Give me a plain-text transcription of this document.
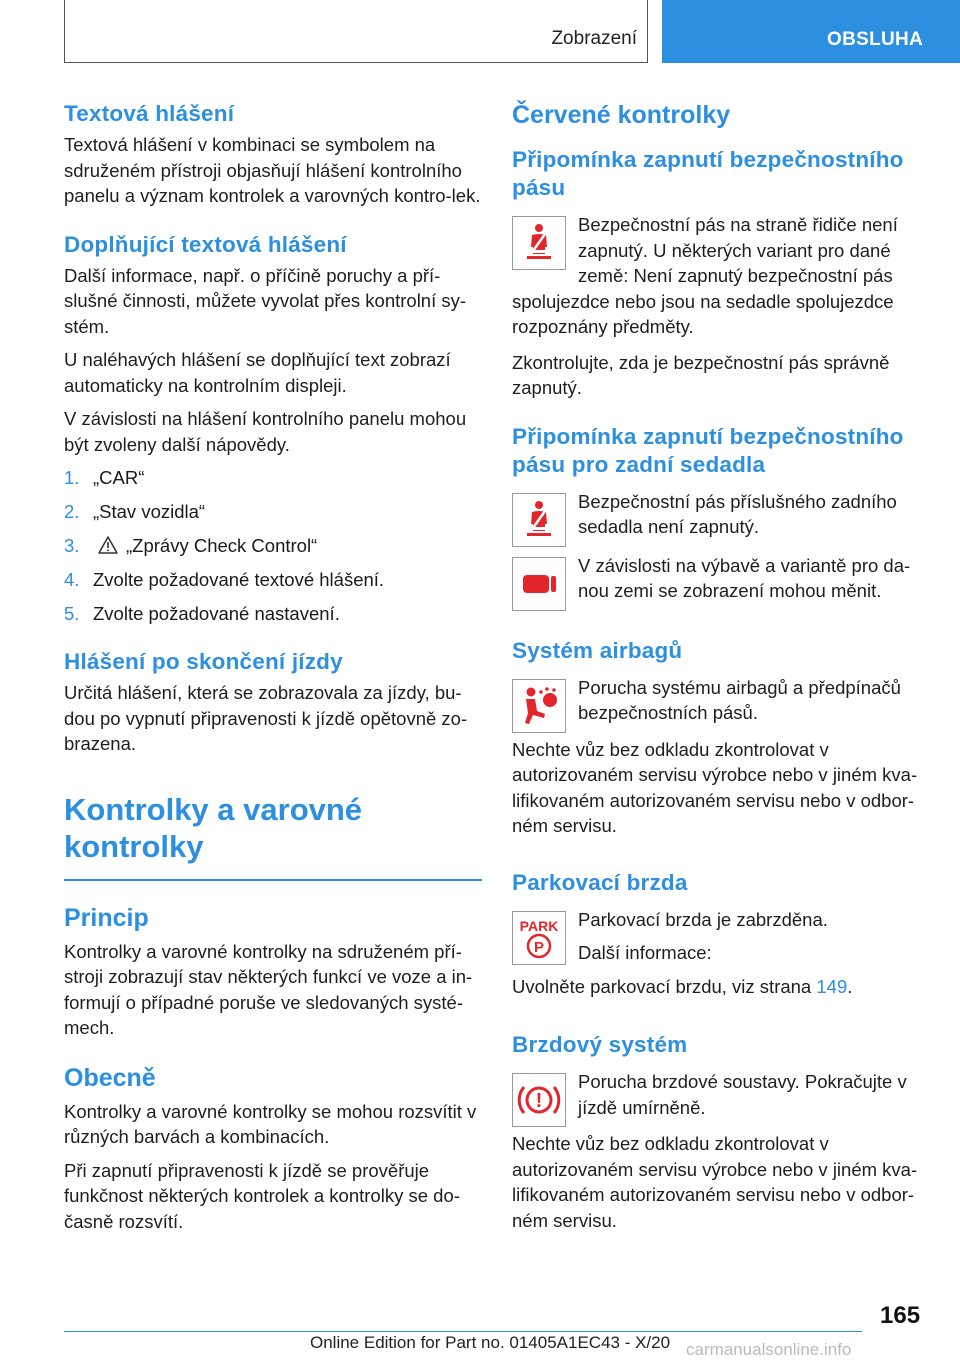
Zobrazení	OBSLUHA
Textová hlášení

Textová hlášení v kombinaci se symbolem na sdruženém přístroji objasňují hlášení kontrolního panelu a význam kontrolek a varovných kontro-lek.

Doplňující textová hlášení

Další informace, např. o příčině poruchy a pří-slušné činnosti, můžete vyvolat přes kontrolní sy-stém.

U naléhavých hlášení se doplňující text zobrazí automaticky na kontrolním displeji.

V závislosti na hlášení kontrolního panelu mohou být zvoleny další nápovědy.

1. „CAR“
2. „Stav vozidla“
3.	„Zprávy Check Control“
4. Zvolte požadované textové hlášení.
5. Zvolte požadované nastavení.
Hlášení po skončení jízdy

Určitá hlášení, která se zobrazovala za jízdy, bu-dou po vypnutí připravenosti k jízdě opětovně zo-brazena.

Kontrolky a varovné
kontrolky
Princip

Kontrolky a varovné kontrolky na sdruženém pří-stroji zobrazují stav některých funkcí ve voze a in-formují o případné poruše ve sledovaných systé-mech.

Obecně

Kontrolky a varovné kontrolky se mohou rozsvítit v různých barvách a kombinacích.

Při zapnutí připravenosti k jízdě se prověřuje funkčnost některých kontrolek a kontrolky se do-časně rozsvítí.

Červené kontrolky
Připomínka zapnutí bezpečnostního pásu

Bezpečnostní pás na straně řidiče není zapnutý. U některých variant pro dané země: Není zapnutý bezpečnostní pás spolujezdce nebo jsou na sedadle spolujezdce rozpoznány předměty.

Zkontrolujte, zda je bezpečnostní pás správně zapnutý.

Připomínka zapnutí bezpečnostního pásu pro zadní sedadla

Bezpečnostní pás příslušného zadního sedadla není zapnutý.

V závislosti na výbavě a variantě pro da-nou zemi se zobrazení mohou měnit.

Systém airbagů

Porucha systému airbagů a předpínačů bezpečnostních pásů.

Nechte vůz bez odkladu zkontrolovat v autorizovaném servisu výrobce nebo v jiném kva-lifikovaném autorizovaném servisu nebo v odbor-ném servisu.

Parkovací brzda
PARK
P

Parkovací brzda je zabrzděna.

Další informace:

Uvolněte parkovací brzdu, viz strana 149.

Brzdový systém
!

Porucha brzdové soustavy. Pokračujte v jízdě umírněně.

Nechte vůz bez odkladu zkontrolovat v autorizovaném servisu výrobce nebo v jiném kva-lifikovaném autorizovaném servisu nebo v odbor-ném servisu.

165
Online Edition for Part no. 01405A1EC43 - X/20 carmanualsonline.info
